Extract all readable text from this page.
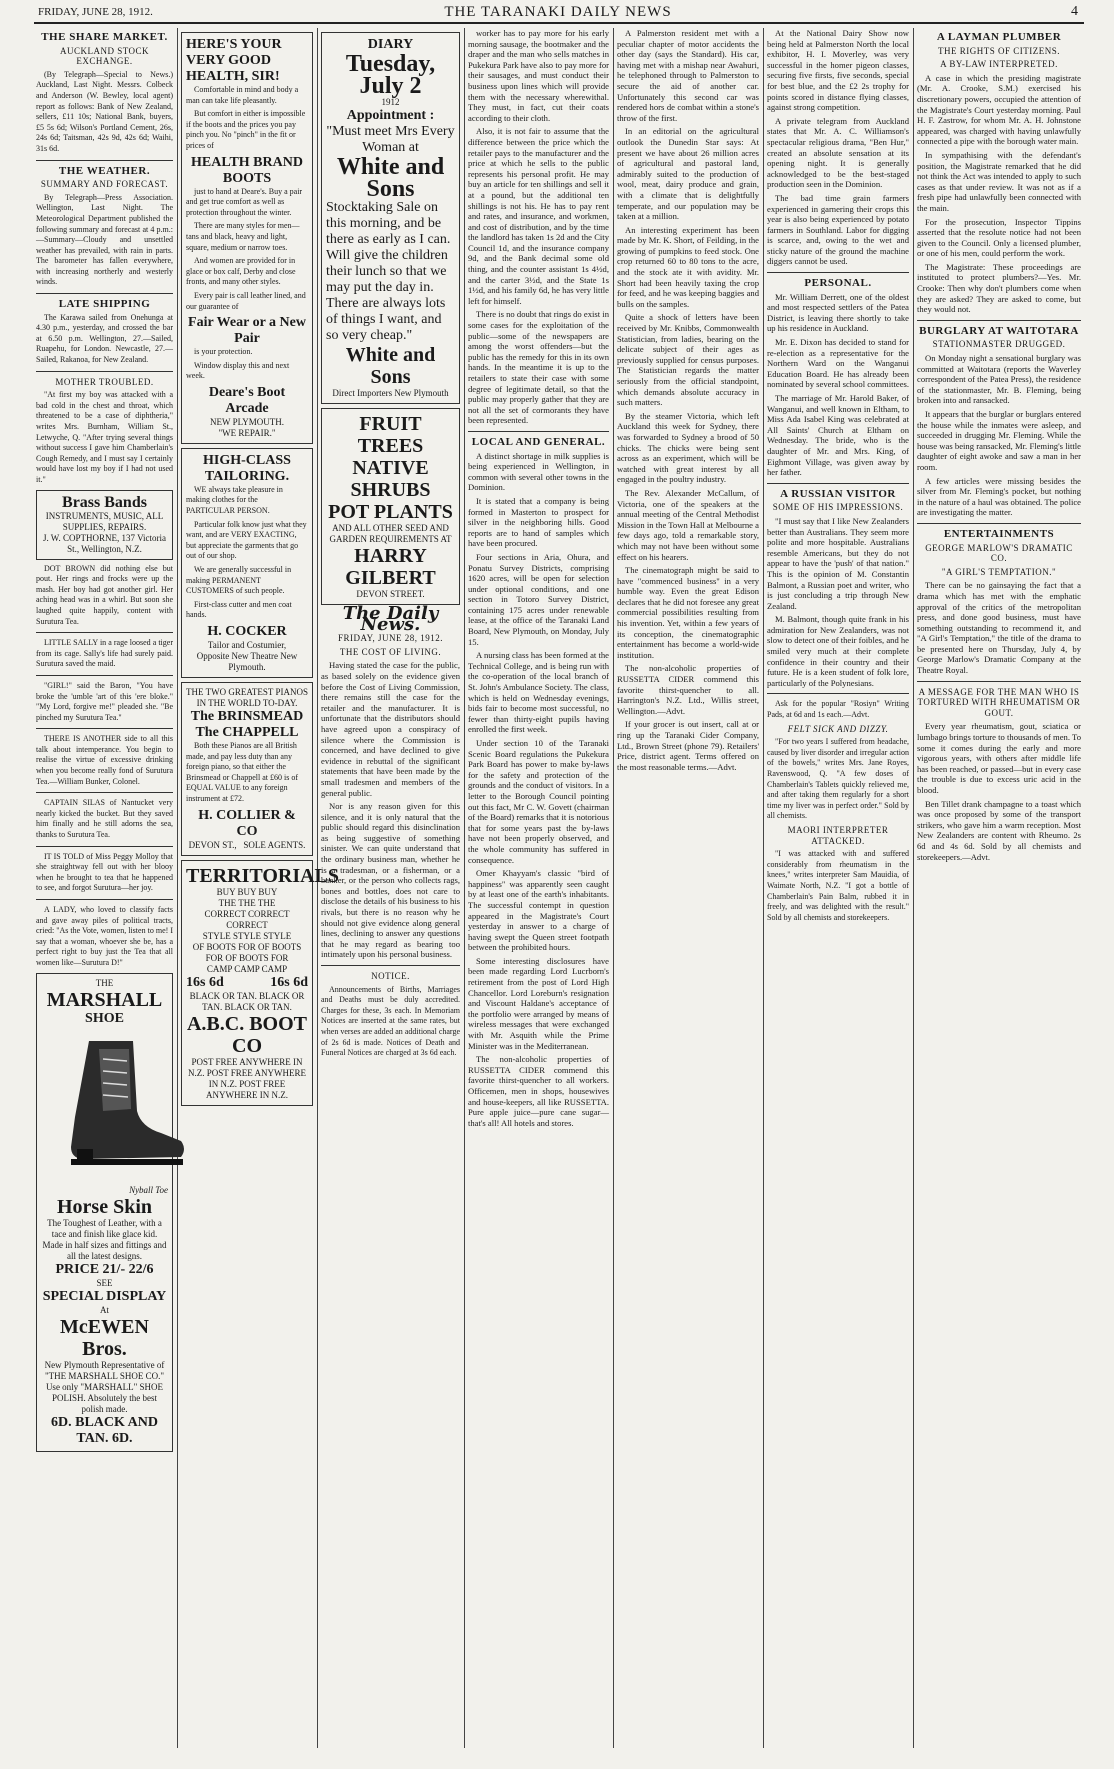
FRIDAY, JUNE 28, 1912.	THE TARANAKI DAILY NEWS	4
THE SHARE MARKET.
AUCKLAND STOCK EXCHANGE.

(By Telegraph—Special to News.) Auckland, Last Night. Messrs. Colbeck and Anderson (W. Bewley, local agent) report as follows: Bank of New Zealand, sellers, £11 10s; National Bank, buyers, £5 5s 6d; Wilson's Portland Cement, 26s, 24s 6d; Taitsman, 42s 9d, 42s 6d; Waihi, 31s 6d.

THE WEATHER.
SUMMARY AND FORECAST.

By Telegraph—Press Association. Wellington, Last Night. The Meteorological Department published the following summary and forecast at 4 p.m.:—Summary—Cloudy and unsettled weather has prevailed, with rain in parts. The barometer has fallen everywhere, with increasing northerly and westerly winds.

LATE SHIPPING

The Karawa sailed from Onehunga at 4.30 p.m., yesterday, and crossed the bar at 6.50 p.m. Wellington, 27.—Sailed, Ruapehu, for London. Newcastle, 27.—Sailed, Rakanoa, for New Zealand.

MOTHER TROUBLED.

"At first my boy was attacked with a bad cold in the chest and throat, which threatened to be a case of diphtheria," writes Mrs. Burnham, William St., Letwyche, Q. "After trying several things without success I gave him Chamberlain's Cough Remedy, and I must say I certainly would have lost my boy if I had not used it."

Brass Bands
INSTRUMENTS, MUSIC, ALL SUPPLIES, REPAIRS.
J. W. COPTHORNE, 137 Victoria St., Wellington, N.Z.

DOT BROWN did nothing else but pout. Her rings and frocks were up the mash. Her boy had got another girl. Her aching head was in a whirl. But soon she laughed quite happily, content with Surutura Tea.

LITTLE SALLY in a rage loosed a tiger from its cage. Sally's life had surely paid. Surutura saved the maid.

"GIRL!" said the Baron, "You have broke the 'umble 'art of this 'ere bloke." "My Lord, forgive me!" pleaded she. "Be pinched my Surutura Tea."

THERE IS ANOTHER side to all this talk about intemperance. You begin to realise the virtue of excessive drinking when you become really fond of Surutura Tea.—William Bunker, Colonel.

CAPTAIN SILAS of Nantucket very nearly kicked the bucket. But they saved him finally and he still adorns the sea, thanks to Surutura Tea.

IT IS TOLD of Miss Peggy Molloy that she straightway fell out with her blooy when he brought to tea that he happened to see, and forgot Surutura—her joy.

A LADY, who loved to classify facts and gave away piles of political tracts, cried: "As the Vote, women, listen to me! I say that a woman, whoever she be, has a perfect right to buy just the Tea that all women like—Surutura D!"

THE
MARSHALL
SHOE
Nyball Toe
Horse Skin
The Toughest of Leather, with a tace and finish like glace kid. Made in half sizes and fittings and all the latest designs.
PRICE 21/- 22/6
SEE
SPECIAL DISPLAY
At
McEWEN Bros.
New Plymouth Representative of "THE MARSHALL SHOE CO."
Use only "MARSHALL" SHOE POLISH. Absolutely the best polish made.
6D. BLACK AND TAN. 6D.
HERE'S YOUR VERY GOOD HEALTH, SIR!

Comfortable in mind and body a man can take life pleasantly.

But comfort in either is impossible if the boots and the prices you pay pinch you. No "pinch" in the fit or prices of

HEALTH BRAND BOOTS

just to hand at Deare's. Buy a pair and get true comfort as well as protection throughout the winter.

There are many styles for men—tans and black, heavy and light, square, medium or narrow toes.

And women are provided for in glace or box calf, Derby and close fronts, and many other styles.

Every pair is call leather lined, and our guarantee of

Fair Wear or a New Pair

is your protection.

Window display this and next week.

Deare's Boot Arcade
NEW PLYMOUTH.
"WE REPAIR."
HIGH-CLASS TAILORING.

WE always take pleasure in making clothes for the PARTICULAR PERSON.

Particular folk know just what they want, and are VERY EXACTING, but appreciate the garments that go out of our shop.

We are generally successful in making PERMANENT CUSTOMERS of such people.

First-class cutter and men coat hands.

H. COCKER
Tailor and Costumier,
Opposite New Theatre New Plymouth.
THE TWO GREATEST PIANOS IN THE WORLD TO-DAY.
The BRINSMEAD
The CHAPPELL

Both these Pianos are all British made, and pay less duty than any foreign piano, so that either the Brinsmead or Chappell at £60 is of EQUAL VALUE to any foreign instrument at £72.

H. COLLIER & CO
DEVON ST., SOLE AGENTS.
TERRITORIALS
BUY BUY BUY
THE THE THE
CORRECT CORRECT CORRECT
STYLE STYLE STYLE
OF BOOTS FOR OF BOOTS FOR OF BOOTS FOR
CAMP CAMP CAMP
16s 6d	16s 6d
BLACK OR TAN. BLACK OR TAN. BLACK OR TAN.
A.B.C. BOOT CO
POST FREE ANYWHERE IN N.Z. POST FREE ANYWHERE IN N.Z. POST FREE ANYWHERE IN N.Z.
DIARY
Tuesday, July 2
1912
Appointment :
"Must meet Mrs Every Woman at
White and Sons
Stocktaking Sale on this morning, and be there as early as I can. Will give the children their lunch so that we may put the day in. There are always lots of things I want, and so very cheap."
White and Sons
Direct Importers New Plymouth
FRUIT TREES
NATIVE SHRUBS
POT PLANTS
AND ALL OTHER SEED AND GARDEN REQUIREMENTS AT
HARRY GILBERT
DEVON STREET.
The Daily News.
FRIDAY, JUNE 28, 1912.
THE COST OF LIVING.

Having stated the case for the public, as based solely on the evidence given before the Cost of Living Commission, there remains still the case for the retailer and the manufacturer. It is unfortunate that the distributors should have agreed upon a conspiracy of silence where the Commission is concerned, and have declined to give evidence in rebuttal of the significant statements that have been made by the small tradesmen and members of the general public.

Nor is any reason given for this silence, and it is only natural that the public should regard this disinclination as being suggestive of something sinister. We can quite understand that the ordinary business man, whether he is a tradesman, or a fisherman, or a banker, or the person who collects rags, bones and bottles, does not care to disclose the details of his business to his rivals, but there is no reason why he should not give evidence along general lines, declining to answer any questions that he may regard as bearing too intimately upon his personal business.

NOTICE.

Announcements of Births, Marriages and Deaths must be duly accredited. Charges for these, 3s each. In Memoriam Notices are inserted at the same rates, but when verses are added an additional charge of 2s 6d is made. Notices of Death and Funeral Notices are charged at 3s 6d each.

worker has to pay more for his early morning sausage, the bootmaker and the draper and the man who sells matches in Pukekura Park have also to pay more for their sausages, and must conduct their business upon lines which will provide them with the necessary wherewithal. They must, in fact, cut their coats according to their cloth.

Also, it is not fair to assume that the difference between the price which the retailer pays to the manufacturer and the price at which he sells to the public represents his personal profit. He may buy an article for ten shillings and sell it at a pound, but the additional ten shillings is not his. He has to pay rent and rates, and insurance, and workmen, and cost of distribution, and by the time the landlord has taken 1s 2d and the City Council 1d, and the insurance company 9d, and the Bank decimal some old thing, and the counter assistant 1s 4½d, and the carter 3½d, and the State 1s 1½d, and his family 6d, he has very little left for himself.

There is no doubt that rings do exist in some cases for the exploitation of the public—some of the newspapers are among the worst offenders—but the public has the remedy for this in its own hands. In the meantime it is up to the retailers to state their case with some degree of legitimate detail, so that the public may properly gather that they are not all the set of cormorants they have been represented.

LOCAL AND GENERAL.

A distinct shortage in milk supplies is being experienced in Wellington, in common with several other towns in the Dominion.

It is stated that a company is being formed in Masterton to prospect for silver in the neighboring hills. Good reports are to hand of samples which have been procured.

Four sections in Aria, Ohura, and Ponatu Survey Districts, comprising 1620 acres, will be open for selection under optional conditions, and one section in Totoro Survey District, containing 175 acres under renewable lease, at the office of the Taranaki Land Board, New Plymouth, on Monday, July 15.

A nursing class has been formed at the Technical College, and is being run with the co-operation of the local branch of St. John's Ambulance Society. The class, which is held on Wednesday evenings, bids fair to become most successful, no fewer than thirty-eight pupils having enrolled the first week.

Under section 10 of the Taranaki Scenic Board regulations the Pukekura Park Board has power to make by-laws for the safety and protection of the grounds and the conduct of visitors. In a letter to the Borough Council pointing out this fact, Mr C. W. Govett (chairman of the Board) remarks that it is notorious that for some years past the by-laws have not been properly observed, and the whole community has suffered in consequence.

Omer Khayyam's classic "bird of happiness" was apparently seen caught by at least one of the earth's inhabitants. The successful contempt in question appeared in the Magistrate's Court yesterday in answer to a charge of having swept the Queen street footpath between the prohibited hours.

Some interesting disclosures have been made regarding Lord Lucrborn's retirement from the post of Lord High Chancellor. Lord Loreburn's resignation and Viscount Haldane's acceptance of the portfolio were arranged by means of wireless messages that were exchanged with Mr. Asquith while the Prime Minister was in the Mediterranean.

The non-alcoholic properties of RUSSETTA CIDER commend this favorite thirst-quencher to all workers. Officemen, men in shops, housewives and house-keepers, all like RUSSETTA. Pure apple juice—pure cane sugar—that's all! All hotels and stores.

A Palmerston resident met with a peculiar chapter of motor accidents the other day (says the Standard). His car, having met with a mishap near Awahuri, he telephoned through to Palmerston to secure the aid of another car. Unfortunately this second car was rendered hors de combat within a stone's throw of the first.

In an editorial on the agricultural outlook the Dunedin Star says: At present we have about 26 million acres of agricultural and pastoral land, admirably suited to the production of wool, meat, dairy produce and grain, with a climate that is delightfully temperate, and our population may be taken at a million.

An interesting experiment has been made by Mr. K. Short, of Feilding, in the growing of pumpkins to feed stock. One crop returned 60 to 80 tons to the acre, and the stock ate it with avidity. Mr. Short had been heavily taxing the crop for feed, and he was keeping baggies and bulls on the samples.

Quite a shock of letters have been received by Mr. Knibbs, Commonwealth Statistician, from ladies, bearing on the delicate subject of their ages as previously supplied for census purposes. The Statistician regards the matter seriously from the official standpoint, which demands absolute accuracy in such matters.

By the steamer Victoria, which left Auckland this week for Sydney, there was forwarded to Sydney a brood of 50 chicks. The chicks were being sent across as an experiment, which will be watched with great interest by all engaged in the poultry industry.

The Rev. Alexander McCallum, of Victoria, one of the speakers at the annual meeting of the Central Methodist Mission in the Town Hall at Melbourne a few days ago, told a remarkable story, which may not have been without some effect on his hearers.

The cinematograph might be said to have "commenced business" in a very humble way. Even the great Edison declares that he did not foresee any great commercial possibilities resulting from his invention. Yet, within a few years of its conception, the cinematographic entertainment has become a world-wide institution.

The non-alcoholic properties of RUSSETTA CIDER commend this favorite thirst-quencher to all. Harrington's N.Z. Ltd., Willis street, Wellington.—Advt.

If your grocer is out insert, call at or ring up the Taranaki Cider Company, Ltd., Brown Street (phone 79). Retailers' Price, district agent. Terms offered on the most reasonable terms.—Advt.

At the National Dairy Show now being held at Palmerston North the local exhibitor, H. I. Moverley, was very successful in the homer pigeon classes, securing five firsts, five seconds, special for best blue, and the £2 2s trophy for points scored in distance flying classes, against strong competition.

A private telegram from Auckland states that Mr. A. C. Williamson's spectacular religious drama, "Ben Hur," created an absolute sensation at its opening night. It is generally acknowledged to be the best-staged production seen in the Dominion.

The bad time grain farmers experienced in garnering their crops this year is also being experienced by potato farmers in Southland. Labor for digging is scarce, and, owing to the wet and sticky nature of the ground the machine diggers cannot be used.

PERSONAL.

Mr. William Derrett, one of the oldest and most respected settlers of the Patea District, is leaving there shortly to take up his residence in Auckland.

Mr. E. Dixon has decided to stand for re-election as a representative for the Northern Ward on the Wanganui Education Board. He has already been nominated by several school committees.

The marriage of Mr. Harold Baker, of Wanganui, and well known in Eltham, to Miss Ada Isabel King was celebrated at All Saints' Church at Eltham on Wednesday. The bride, who is the daughter of Mr. and Mrs. King, of Eighmont Village, was given away by her father.

A RUSSIAN VISITOR
SOME OF HIS IMPRESSIONS.

"I must say that I like New Zealanders better than Australians. They seem more polite and more hospitable. Australians resemble Americans, but they do not appear to have the 'push' of that nation." This is the opinion of M. Constantin Balmont, a Russian poet and writer, who is just concluding a trip through New Zealand.

M. Balmont, though quite frank in his admiration for New Zealanders, was not slow to detect one of their foibles, and he smiled very much at their complete confidence in their country and their future. He is a keen student of folk lore, particularly of the Polynesians.

Ask for the popular "Rosiyn" Writing Pads, at 6d and 1s each.—Advt.

FELT SICK AND DIZZY.

"For two years I suffered from headache, caused by liver disorder and irregular action of the bowels," writes Mrs. Jane Royes, Ravenswood, Q. "A few doses of Chamberlain's Tablets quickly relieved me, and after taking them regularly for a short time my liver was in perfect order." Sold by all chemists.

MAORI INTERPRETER ATTACKED.

"I was attacked with and suffered considerably from rheumatism in the knees," writes interpreter Sam Mauidia, of Waimate North, N.Z. "I got a bottle of Chamberlain's Pain Balm, rubbed it in freely, and was delighted with the result." Sold by all chemists and storekeepers.

A LAYMAN PLUMBER
THE RIGHTS OF CITIZENS.
A BY-LAW INTERPRETED.

A case in which the presiding magistrate (Mr. A. Crooke, S.M.) exercised his discretionary powers, occupied the attention of the Magistrate's Court yesterday morning. Paul H. F. Zastrow, for whom Mr. A. H. Johnstone appeared, was charged with having unlawfully connected a pipe with the borough water main.

In sympathising with the defendant's position, the Magistrate remarked that he did not think the Act was intended to apply to such cases as that under review. It was not as if a fresh pipe had unlawfully been connected with the main.

For the prosecution, Inspector Tippins asserted that the resolute notice had not been given to the Council. Only a licensed plumber, or one of his men, could perform the work.

The Magistrate: These proceedings are instituted to protect plumbers?—Yes. Mr. Crooke: Then why don't plumbers come when they are asked? They are asked to come, but they would not.

BURGLARY AT WAITOTARA
STATIONMASTER DRUGGED.

On Monday night a sensational burglary was committed at Waitotara (reports the Waverley correspondent of the Patea Press), the residence of the stationmaster, Mr. B. Fleming, being broken into and ransacked.

It appears that the burglar or burglars entered the house while the inmates were asleep, and succeeded in drugging Mr. Fleming. While the house was being ransacked, Mr. Fleming's little daughter of eight awoke and saw a man in her room.

A few articles were missing besides the silver from Mr. Fleming's pocket, but nothing in the nature of a haul was obtained. The police are investigating the matter.

ENTERTAINMENTS
GEORGE MARLOW'S DRAMATIC CO.
"A GIRL'S TEMPTATION."

There can be no gainsaying the fact that a drama which has met with the emphatic approval of the critics of the metropolitan press, and done good business, must have something outstanding to recommend it, and "A Girl's Temptation," the title of the drama to be presented here on Thursday, July 4, by George Marlow's Dramatic Company at the Theatre Royal.

A MESSAGE FOR THE MAN WHO IS TORTURED WITH RHEUMATISM OR GOUT.

Every year rheumatism, gout, sciatica or lumbago brings torture to thousands of men. To some it comes during the early and more vigorous years, with others after middle life has been reached, or passed—but in every case the trouble is due to excess uric acid in the blood.

Ben Tillet drank champagne to a toast which was once proposed by some of the transport strikers, who gave him a warm reception. Most New Zealanders are content with Rheumo. 2s 6d and 4s 6d. Sold by all chemists and storekeepers.—Advt.
